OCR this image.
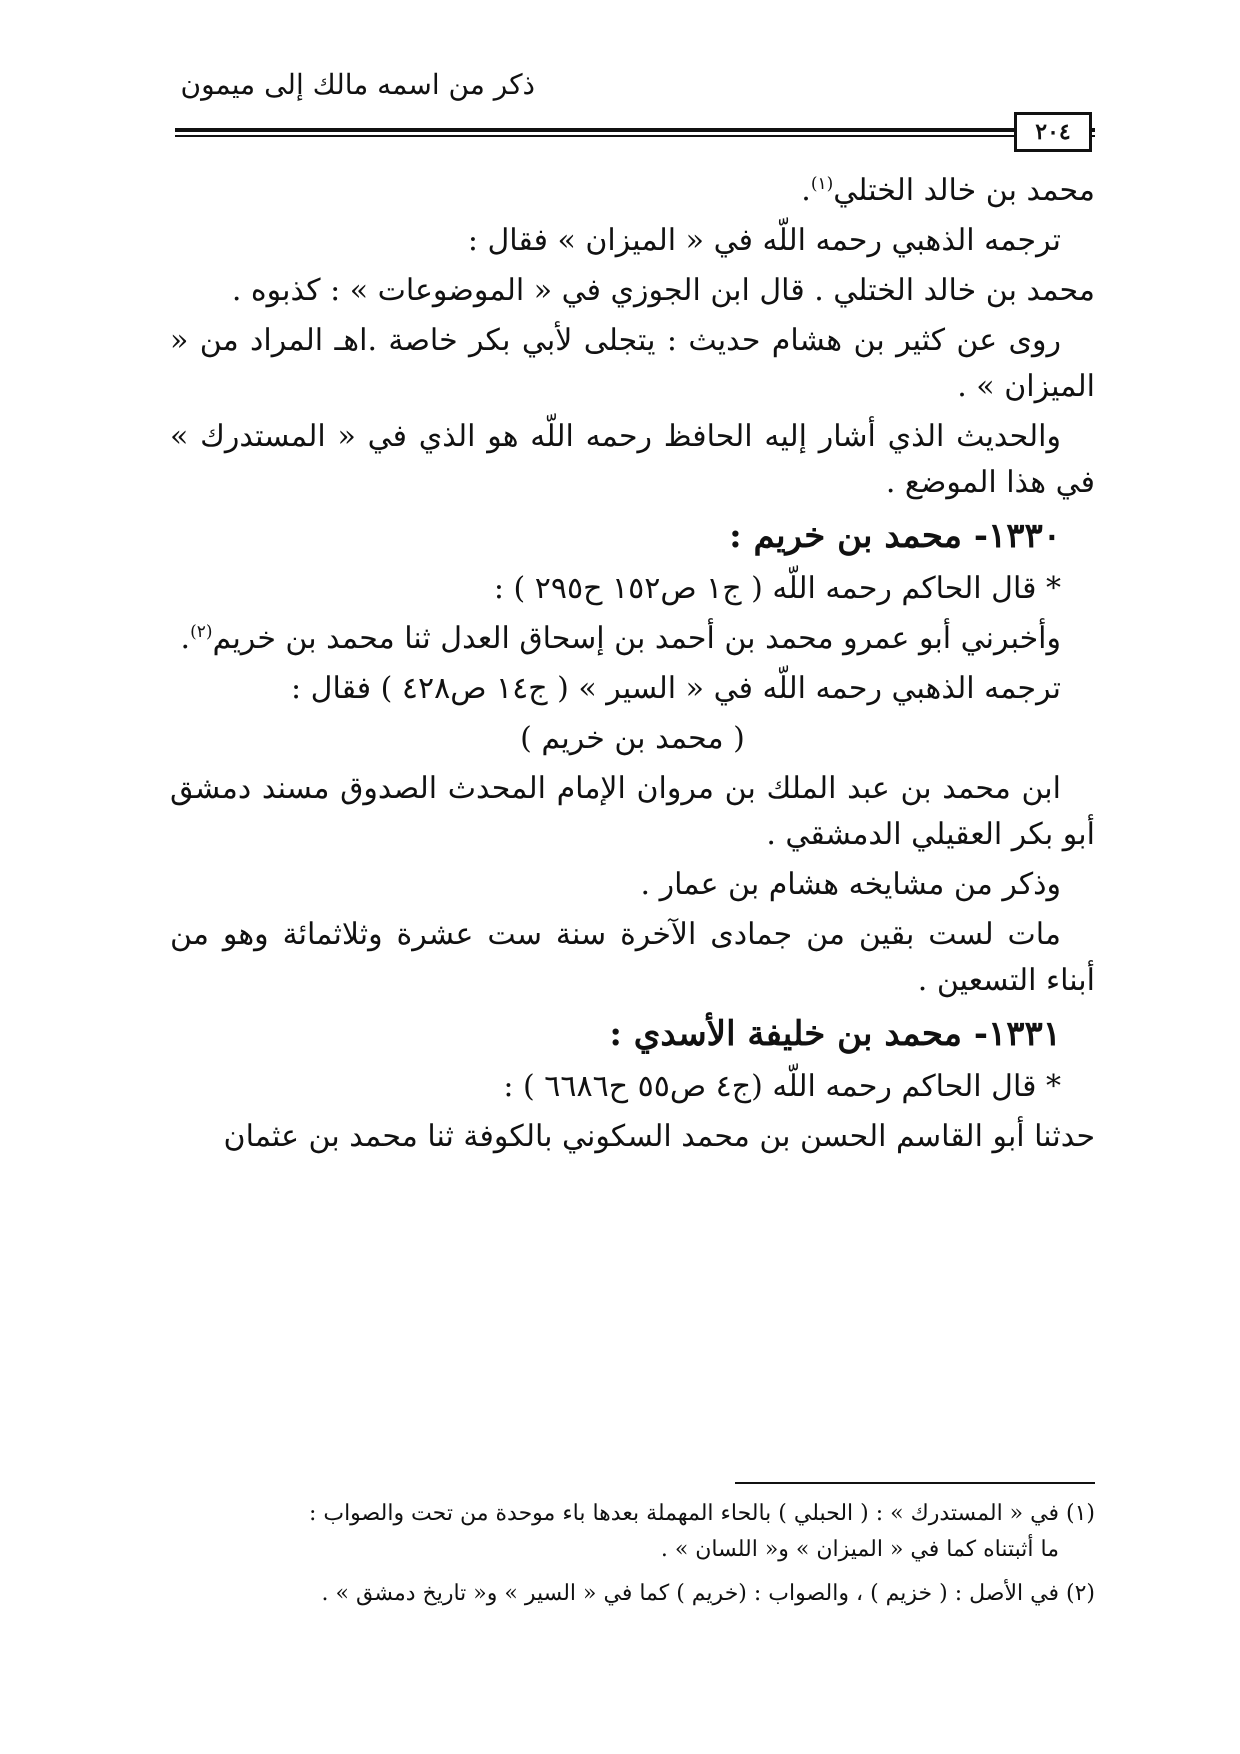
ذكر من اسمه مالك إلى ميمون
٢٠٤

محمد بن خالد الختلي$^{(١)}$.

ترجمه الذهبي رحمه اللّه في « الميزان » فقال :

محمد بن خالد الختلي . قال ابن الجوزي في « الموضوعات » : كذبوه .

روى عن كثير بن هشام حديث : يتجلى لأبي بكر خاصة .اهـ المراد من « الميزان » .

والحديث الذي أشار إليه الحافظ رحمه اللّه هو الذي في « المستدرك » في هذا الموضع .

١٣٣٠- محمد بن خريم :

* قال الحاكم رحمه اللّه ( ج١ ص١٥٢ ح٢٩٥ ) :

وأخبرني أبو عمرو محمد بن أحمد بن إسحاق العدل ثنا محمد بن خريم$^{(٢)}$.

ترجمه الذهبي رحمه اللّه في « السير » ( ج١٤ ص٤٢٨ ) فقال :

( محمد بن خريم )

ابن محمد بن عبد الملك بن مروان الإمام المحدث الصدوق مسند دمشق أبو بكر العقيلي الدمشقي .

وذكر من مشايخه هشام بن عمار .

مات لست بقين من جمادى الآخرة سنة ست عشرة وثلاثمائة وهو من أبناء التسعين .

١٣٣١- محمد بن خليفة الأسدي :

* قال الحاكم رحمه اللّه (ج٤ ص٥٥ ح٦٦٨٦ ) :

حدثنا أبو القاسم الحسن بن محمد السكوني بالكوفة ثنا محمد بن عثمان

(١) في « المستدرك » : ( الحبلي ) بالحاء المهملة بعدها باء موحدة من تحت والصواب :
ما أثبتناه كما في « الميزان » و« اللسان » .

(٢) في الأصل : ( خزيم ) ، والصواب : (خريم ) كما في « السير » و« تاريخ دمشق » .
